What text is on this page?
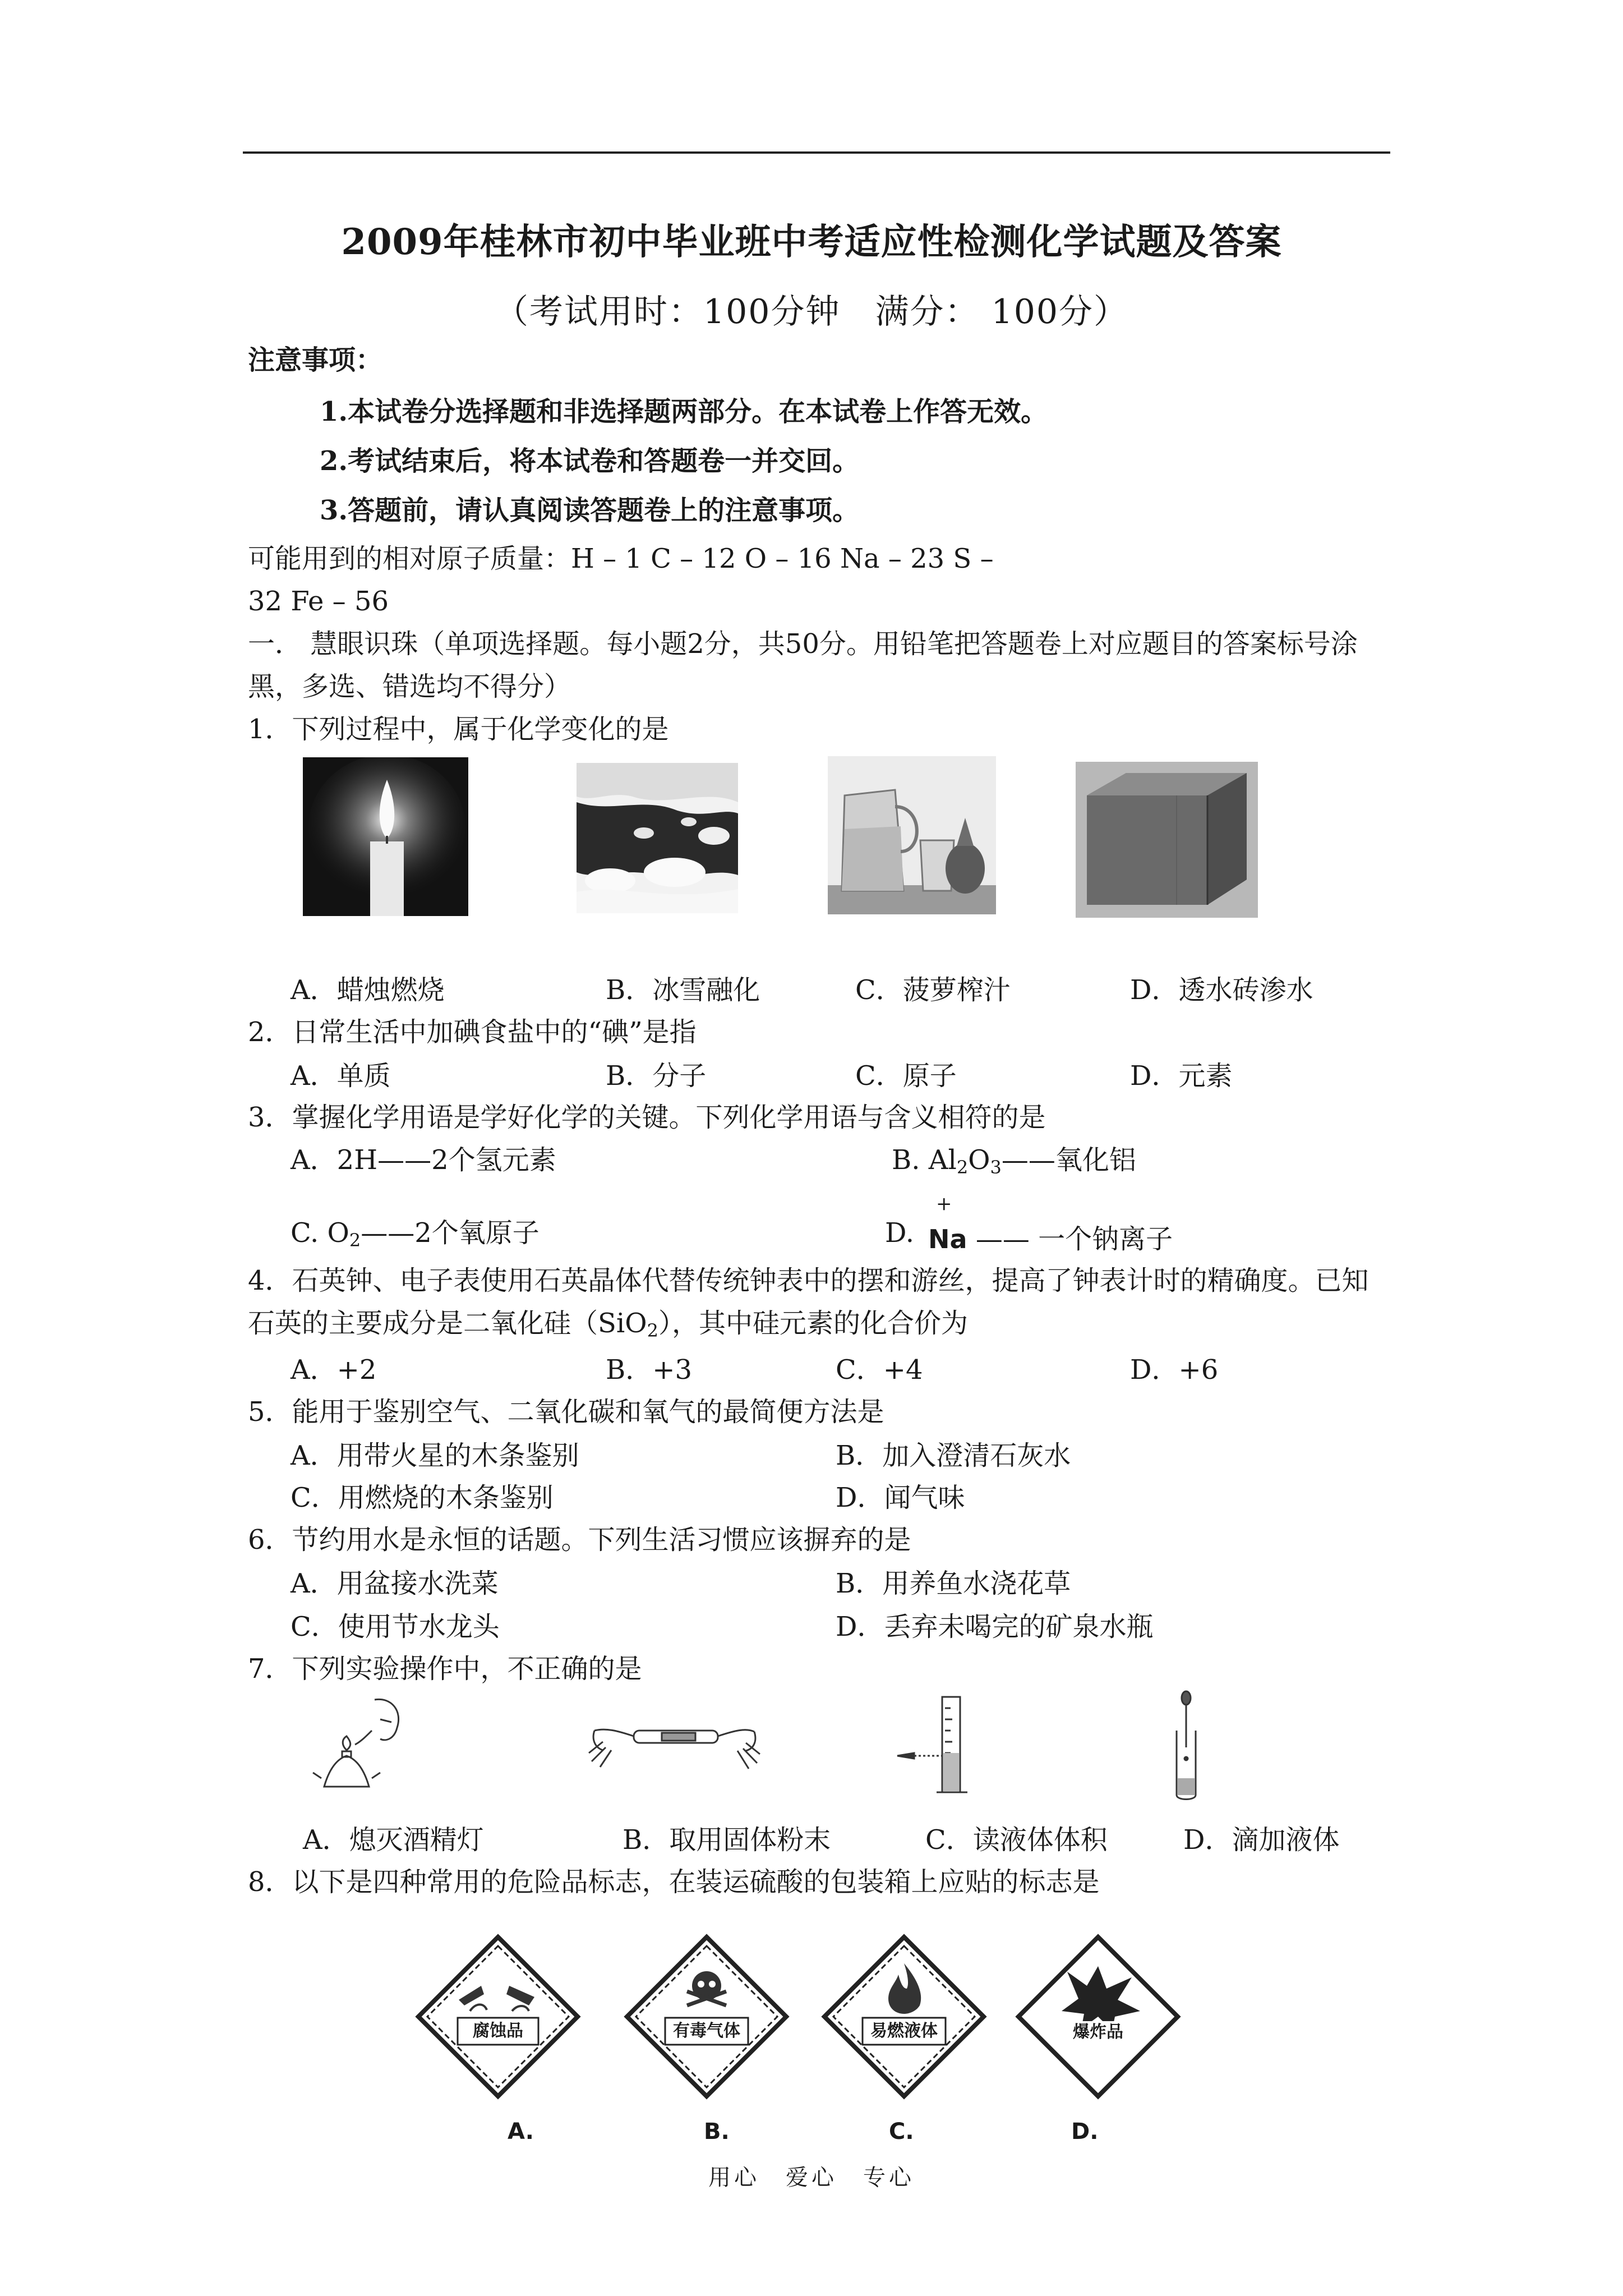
2009年桂林市初中毕业班中考适应性检测化学试题及答案
（考试用时：100分钟　满分： 100分）
注意事项：
1.本试卷分选择题和非选择题两部分。在本试卷上作答无效。
2.考试结束后，将本试卷和答题卷一并交回。
3.答题前，请认真阅读答题卷上的注意事项。
可能用到的相对原子质量：H – 1 C – 12 O – 16 Na – 23 S –
32 Fe – 56
一． 慧眼识珠（单项选择题。每小题2分，共50分。用铅笔把答题卷上对应题目的答案标号涂黑，多选、错选均不得分）
1．下列过程中，属于化学变化的是
A．蜡烛燃烧	B．冰雪融化	C．菠萝榨汁	D．透水砖渗水
2．日常生活中加碘食盐中的“碘”是指
A．单质	B．分子	C．原子	D．元素
3．掌握化学用语是学好化学的关键。下列化学用语与含义相符的是
A．2H——2个氢元素	B. $Al_2O_3——$氧化铝
C. $O_2——2$个氧原子	D.
+
Na —— 一个钠离子
4．石英钟、电子表使用石英晶体代替传统钟表中的摆和游丝，提高了钟表计时的精确度。已知石英的主要成分是二氧化硅（SiO$_2$），其中硅元素的化合价为
A．+2	B．+3	C．+4	D．+6
5．能用于鉴别空气、二氧化碳和氧气的最简便方法是
A．用带火星的木条鉴别	B．加入澄清石灰水
C．用燃烧的木条鉴别	D．闻气味
6．节约用水是永恒的话题。下列生活习惯应该摒弃的是
A．用盆接水洗菜	B．用养鱼水浇花草
C．使用节水龙头	D．丢弃未喝完的矿泉水瓶
7．下列实验操作中，不正确的是
A．熄灭酒精灯	B．取用固体粉末	C．读液体体积	D．滴加液体
8．以下是四种常用的危险品标志，在装运硫酸的包装箱上应贴的标志是
腐蚀品	有毒气体	易燃液体	爆炸品
A.	B.	C.	D.
用心　爱心　专心
